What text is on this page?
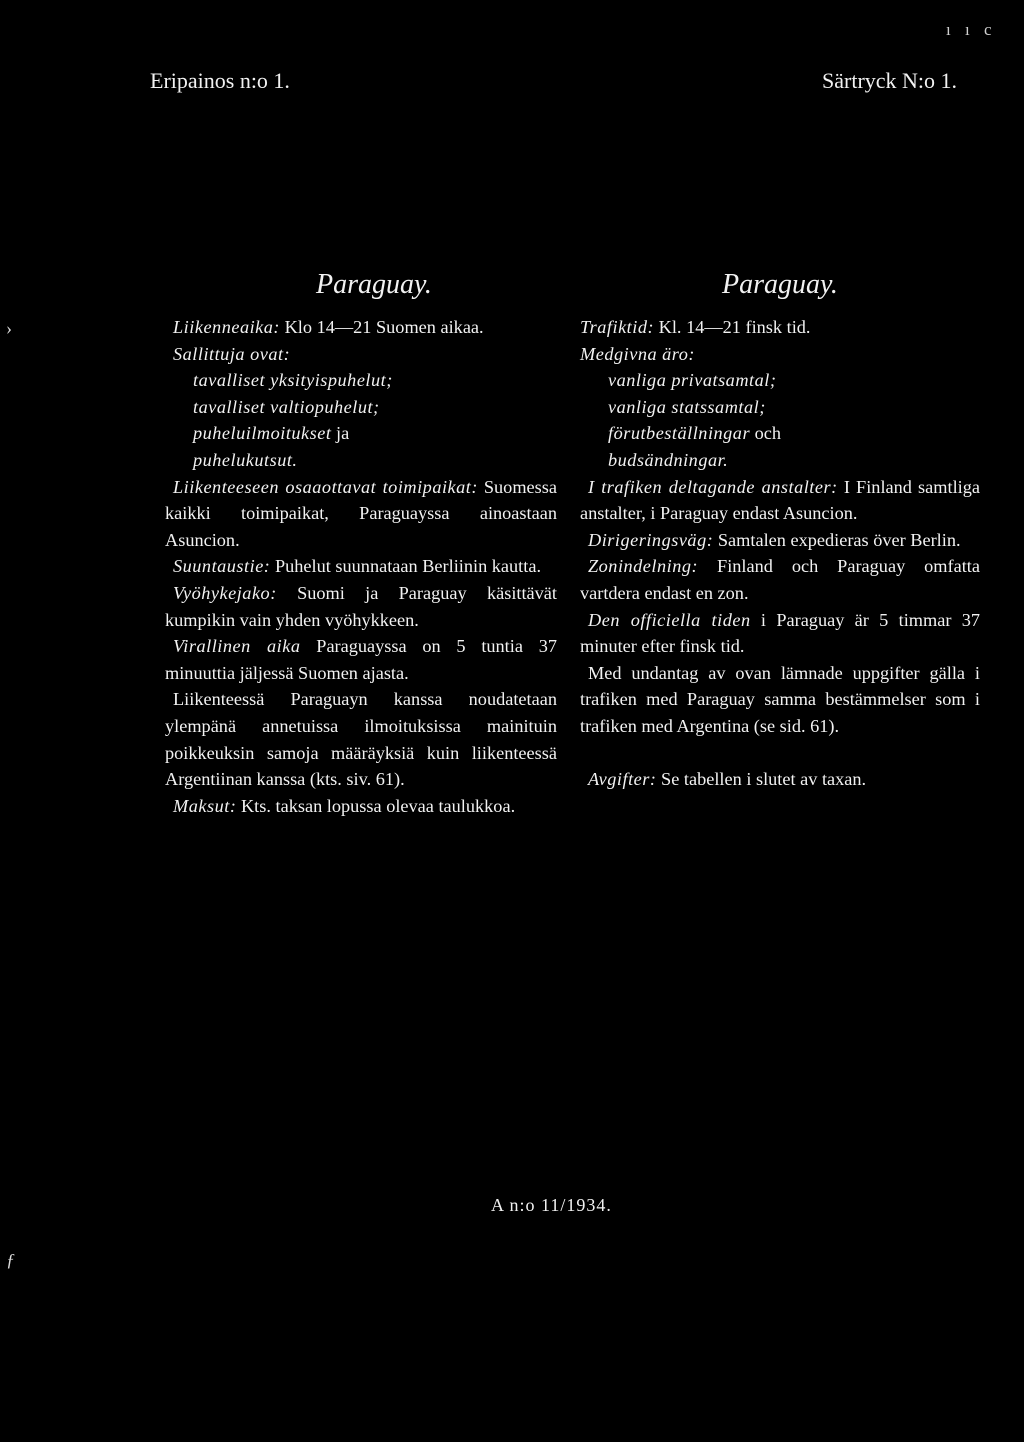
ı ı c
›
ƒ
Eripainos n:o 1.	Särtryck N:o 1.
Paraguay.

Liikenneaika: Klo 14—21 Suomen aikaa.

Sallittuja ovat:

tavalliset yksityispuhelut;
tavalliset valtiopuhelut;
puheluilmoitukset ja
puhelukutsut.

Liikenteeseen osaaottavat toimipaikat: Suomessa kaikki toimipaikat, Paraguayssa ainoastaan Asuncion.

Suuntaustie: Puhelut suunnataan Berliinin kautta.

Vyöhykejako: Suomi ja Paraguay käsittävät kumpikin vain yhden vyöhykkeen.

Virallinen aika Paraguayssa on 5 tuntia 37 minuuttia jäljessä Suomen ajasta.

Liikenteessä Paraguayn kanssa noudatetaan ylempänä annetuissa ilmoituksissa mainituin poikkeuksin samoja määräyksiä kuin liikenteessä Argentiinan kanssa (kts. siv. 61).

Maksut: Kts. taksan lopussa olevaa taulukkoa.

Paraguay.

Trafiktid: Kl. 14—21 finsk tid.

Medgivna äro:

vanliga privatsamtal;
vanliga statssamtal;
förutbeställningar och
budsändningar.

I trafiken deltagande anstalter: I Finland samtliga anstalter, i Paraguay endast Asuncion.

Dirigeringsväg: Samtalen expedieras över Berlin.

Zonindelning: Finland och Paraguay omfatta vartdera endast en zon.

Den officiella tiden i Paraguay är 5 timmar 37 minuter efter finsk tid.

Med undantag av ovan lämnade uppgifter gälla i trafiken med Paraguay samma bestämmelser som i trafiken med Argentina (se sid. 61).

Avgifter: Se tabellen i slutet av taxan.

A n:o 11/1934.
